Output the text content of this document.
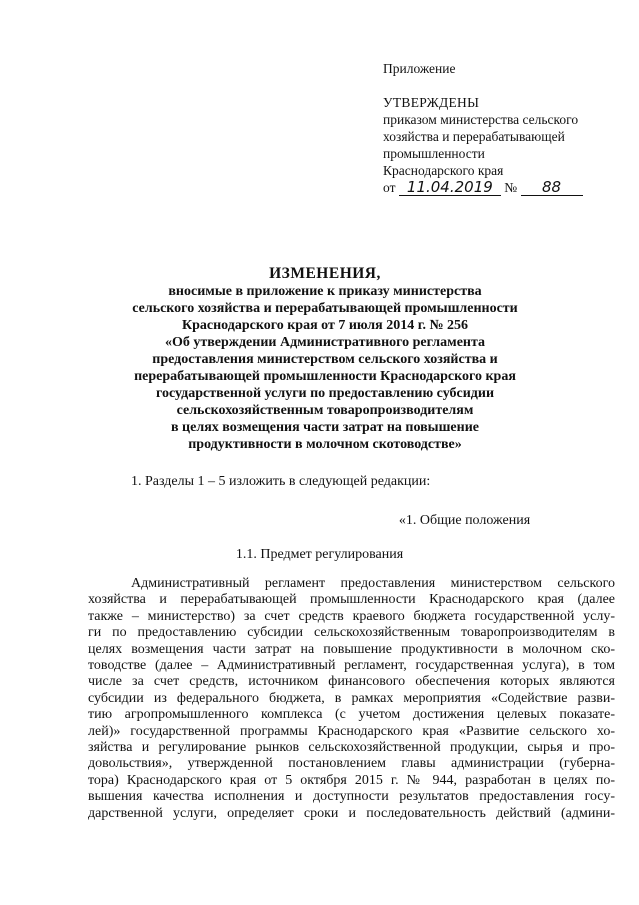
Приложение

УТВЕРЖДЕНЫ

приказом министерства сельского

хозяйства и перерабатывающей

промышленности

Краснодарского края

от 11.04.2019 № 88

ИЗМЕНЕНИЯ,

вносимые в приложение к приказу министерства

сельского хозяйства и перерабатывающей промышленности

Краснодарского края от 7 июля 2014 г. № 256

«Об утверждении Административного регламента

предоставления министерством сельского хозяйства и

перерабатывающей промышленности Краснодарского края

государственной услуги по предоставлению субсидии

сельскохозяйственным товаропроизводителям

в целях возмещения части затрат на повышение

продуктивности в молочном скотоводстве»

1. Разделы 1 – 5 изложить в следующей редакции:

«1. Общие положения

1.1. Предмет регулирования

Административный регламент предоставления министерством сельского
хозяйства и перерабатывающей промышленности Краснодарского края (далее
также – министерство) за счет средств краевого бюджета государственной услу-
ги по предоставлению субсидии сельскохозяйственным товаропроизводителям в
целях возмещения части затрат на повышение продуктивности в молочном ско-
товодстве (далее – Административный регламент, государственная услуга), в том
числе за счет средств, источником финансового обеспечения которых являются
субсидии из федерального бюджета, в рамках мероприятия «Содействие разви-
тию агропромышленного комплекса (с учетом достижения целевых показате-
лей)» государственной программы Краснодарского края «Развитие сельского хо-
зяйства и регулирование рынков сельскохозяйственной продукции, сырья и про-
довольствия», утвержденной постановлением главы администрации (губерна-
тора) Краснодарского края от 5 октября 2015 г. № 944, разработан в целях по-
вышения качества исполнения и доступности результатов предоставления госу-
дарственной услуги, определяет сроки и последовательность действий (админи-
